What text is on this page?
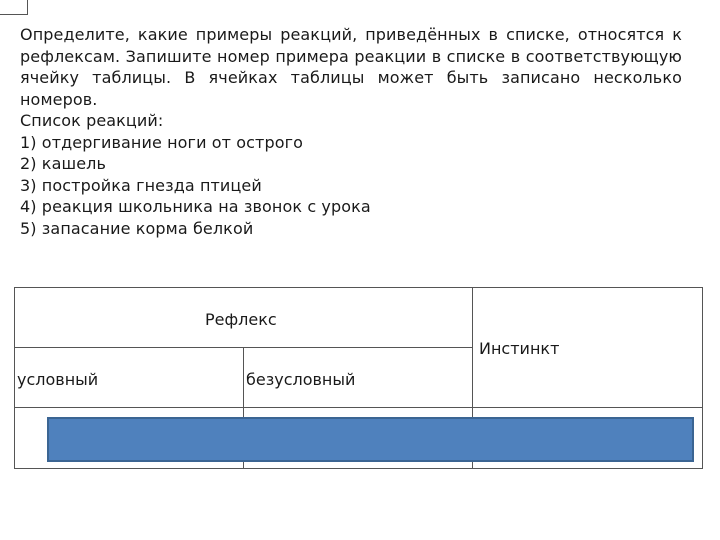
Определите, какие примеры реакций, приведённых в списке, относятся к рефлексам. Запишите номер примера реакции в списке в соответствующую ячейку таблицы. В ячейках таблицы может быть записано несколько номеров.

Список реакций:

1) отдергивание ноги от острого

2) кашель

3) постройка гнезда птицей

4) реакция школьника на звонок с урока

5) запасание корма белкой

Рефлекс
Инстинкт
условный	безусловный
